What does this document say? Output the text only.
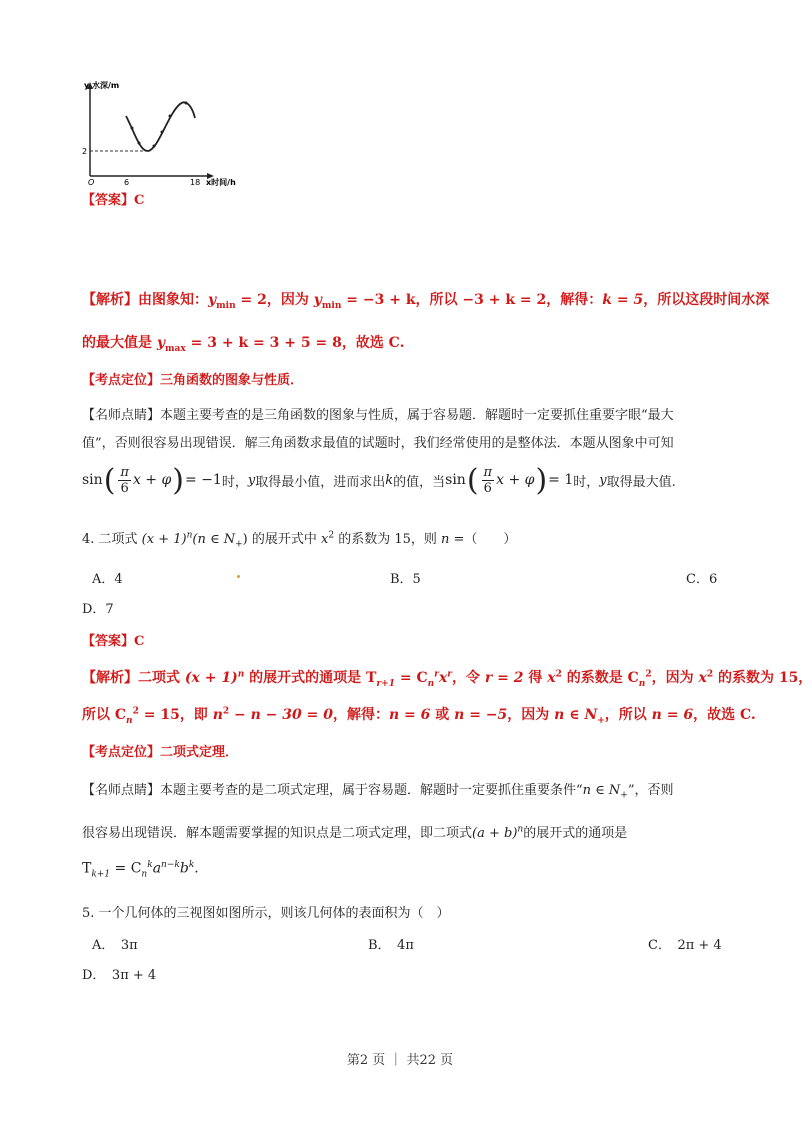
y 水深/m
2
O	6	18 x时间/h
【答案】C
【解析】由图象知：$y_{min} = 2$，因为 $y_{min} = -3 + k$，所以 −3 + k = 2，解得：k = 5，所以这段时间水深
的最大值是 $y_{max} = 3 + k = 3 + 5 = 8$，故选 C.
【考点定位】三角函数的图象与性质．
【名师点睛】本题主要考查的是三角函数的图象与性质，属于容易题．解题时一定要抓住重要字眼“最大
值”，否则很容易出现错误．解三角函数求最值的试题时，我们经常使用的是整体法．本题从图象中可知
sin ( $\frac{\pi}{6}$ x + φ ) = −1 时， y 取得最小值，进而求出 k 的值，当 sin ( $\frac{\pi}{6}$ x + φ ) = 1 时， y 取得最大值.
4. 二项式 $(x + 1)^n(n$ ∈ $N_+$) 的展开式中 $x^2$ 的系数为 15，则 n =（　　）
A．4	B．5	C．6
D．7
【答案】C
【解析】二项式 $(x + 1)^n$ 的展开式的通项是 $T_{r+1} = C_n^rx^r$，令 r = 2 得 $x^2$ 的系数是 $C_n^2$，因为 $x^2$ 的系数为 15，
所以 $C_n^2 = 15$，即 $n^2 - n - 30 = 0$，解得：n = 6 或 n = −5，因为 n ∈ $N_+$，所以 n = 6，故选 C.
【考点定位】二项式定理．
【名师点睛】本题主要考查的是二项式定理，属于容易题．解题时一定要抓住重要条件“n ∈ $N_+$”，否则
很容易出现错误．解本题需要掌握的知识点是二项式定理，即二项式$(a + b)^n$的展开式的通项是
$T_{k+1} = C_n^ka^{n-k}b^k$.
5. 一个几何体的三视图如图所示，则该几何体的表面积为（　）
A．　3π	B．　4π	C．　2π + 4
D．　3π + 4
第2 页 ｜ 共22 页
